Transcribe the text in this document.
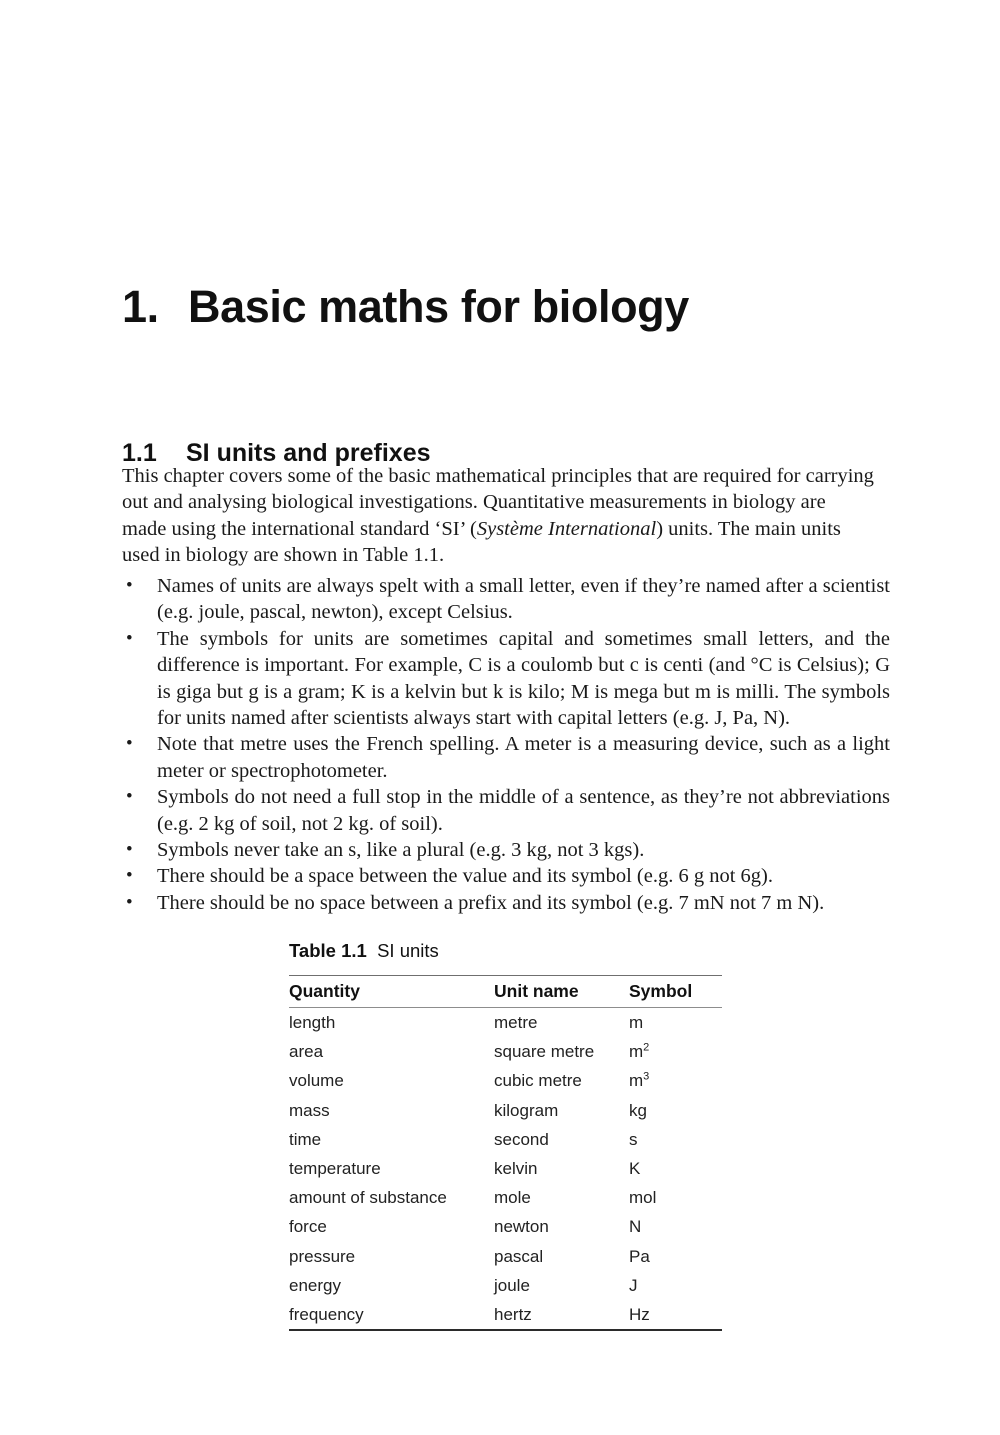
1. Basic maths for biology
1.1 SI units and prefixes
This chapter covers some of the basic mathematical principles that are required for carrying
out and analysing biological investigations. Quantitative measurements in biology are
made using the international standard ‘SI’ (Système International) units. The main units
used in biology are shown in Table 1.1.
•	Names of units are always spelt with a small letter, even if they’re named after a scientist (e.g. joule, pascal, newton), except Celsius.
•	The symbols for units are sometimes capital and sometimes small letters, and the difference is important. For example, C is a coulomb but c is centi (and °C is Celsius); G is giga but g is a gram; K is a kelvin but k is kilo; M is mega but m is milli. The symbols for units named after scientists always start with capital letters (e.g. J, Pa, N).
•	Note that metre uses the French spelling. A meter is a measuring device, such as a light meter or spectrophotometer.
•	Symbols do not need a full stop in the middle of a sentence, as they’re not abbreviations (e.g. 2 kg of soil, not 2 kg. of soil).
•	Symbols never take an s, like a plural (e.g. 3 kg, not 3 kgs).
•	There should be a space between the value and its symbol (e.g. 6 g not 6g).
•	There should be no space between a prefix and its symbol (e.g. 7 mN not 7 m N).
Table 1.1 SI units
Quantity	Unit name	Symbol
length	metre	m
area	square metre	$m^2$
volume	cubic metre	$m^3$
mass	kilogram	kg
time	second	s
temperature	kelvin	K
amount of substance	mole	mol
force	newton	N
pressure	pascal	Pa
energy	joule	J
frequency	hertz	Hz
